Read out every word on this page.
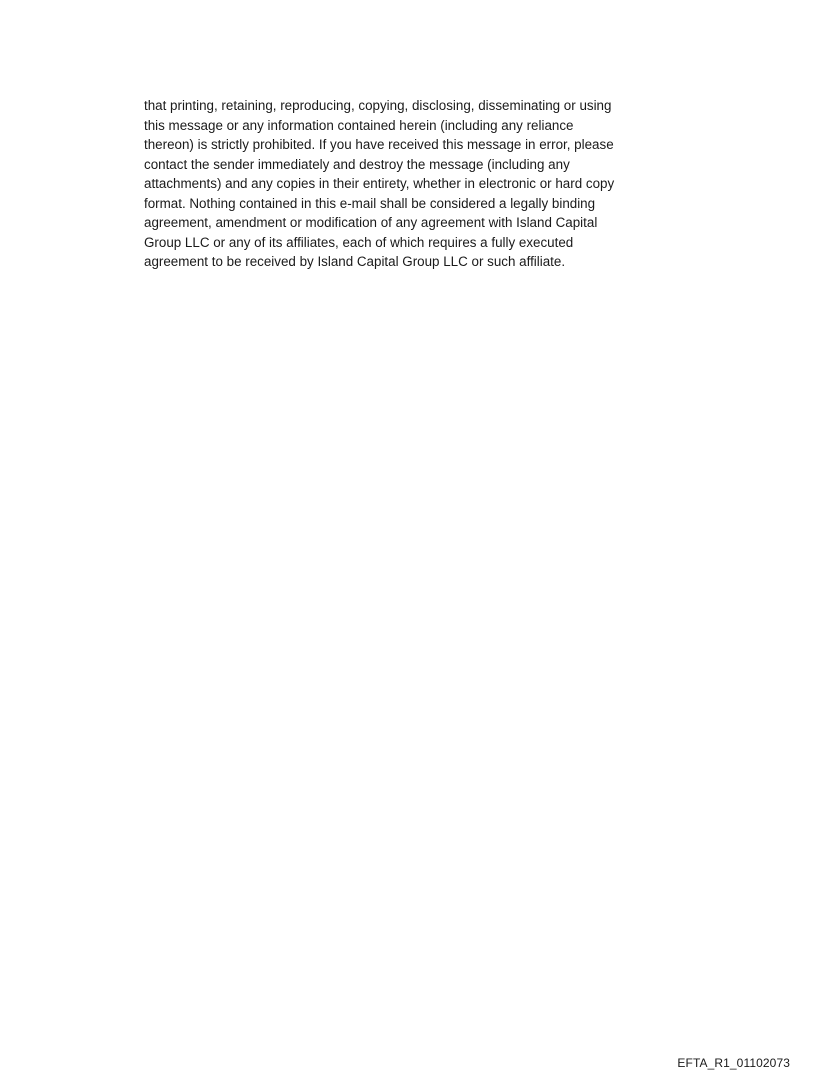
that printing, retaining, reproducing, copying, disclosing, disseminating or using
this message or any information contained herein (including any reliance
thereon) is strictly prohibited. If you have received this message in error, please
contact the sender immediately and destroy the message (including any
attachments) and any copies in their entirety, whether in electronic or hard copy
format. Nothing contained in this e-mail shall be considered a legally binding
agreement, amendment or modification of any agreement with Island Capital
Group LLC or any of its affiliates, each of which requires a fully executed
agreement to be received by Island Capital Group LLC or such affiliate.

EFTA_R1_01102073
